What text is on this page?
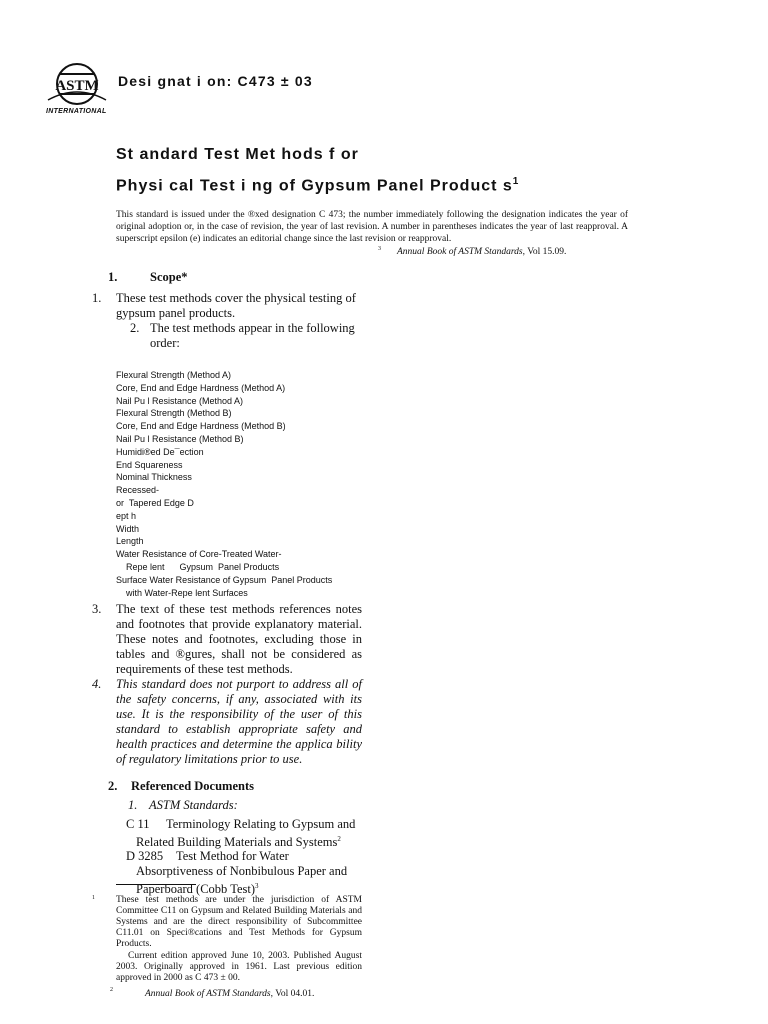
ASTM
INTERNATIONAL
Desi gnat i on: C473 ± 03
St andard Test Met hods f or
Physi cal Test i ng of Gypsum Panel Product $s^1$
This standard is issued under the ®xed designation C 473; the number immediately following the designation indicates the year of original adoption or, in the case of revision, the year of last revision. A number in parentheses indicates the year of last reapproval. A superscript epsilon (e) indicates an editorial change since the last revision or reapproval.
$^3$ Annual Book of ASTM Standards, Vol 15.09.
1.	Scope*
1.	These test methods cover the physical testing of gypsum panel products.
2. The test methods appear in the following order:
Flexural Strength (Method A)
Core, End and Edge Hardness (Method A)
Nail Pu l Resistance (Method A)
Flexural Strength (Method B)
Core, End and Edge Hardness (Method B)
Nail Pu l Resistance (Method B)
Humidi®ed De¯ection
End Squareness
Nominal Thickness
Recessed-
or  Tapered Edge D
ept h
Width
Length
Water Resistance of Core-Treated Water-
Repe lent      Gypsum  Panel Products
Surface Water Resistance of Gypsum  Panel Products
with Water-Repe lent Surfaces
3.	The text of these test methods references notes and footnotes that provide explanatory material. These notes and footnotes, excluding those in tables and ®gures, shall not be considered as requirements of these test methods.
4.	This standard does not purport to address all of the safety concerns, if any, associated with its use. It is the responsibility of the user of this standard to establish appropriate safety and health practices and determine the applica bility of regulatory limitations prior to use.
2. Referenced Documents
1. ASTM Standards:
C 11 Terminology Relating to Gypsum and
Related Building Materials and Systems$^2$
D 3285 Test Method for Water
Absorptiveness of Nonbibulous Paper and
Paperboard (Cobb Test)$^3$
1 These test methods are under the jurisdiction of ASTM Committee C11 on Gypsum and Related Building Materials and Systems and are the direct responsibility of Subcommittee C11.01 on Speci®cations and Test Methods for Gypsum Products.
Current edition approved June 10, 2003. Published August 2003. Originally approved in 1961. Last previous edition approved in 2000 as C 473 ± 00.
2	Annual Book of ASTM Standards, Vol 04.01.
